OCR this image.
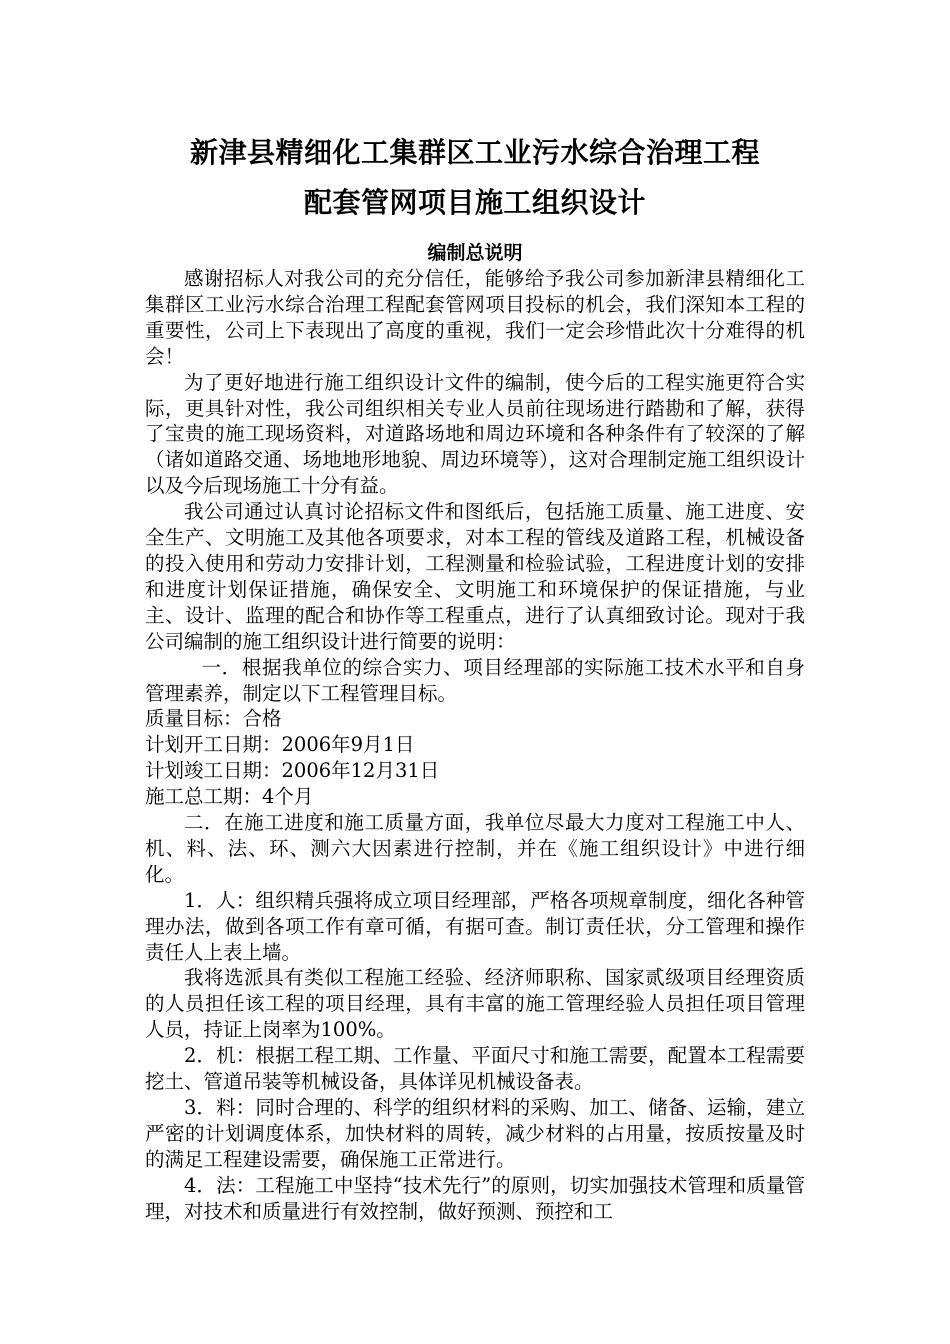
新津县精细化工集群区工业污水综合治理工程
配套管网项目施工组织设计
编制总说明

感谢招标人对我公司的充分信任，能够给予我公司参加新津县精细化工集群区工业污水综合治理工程配套管网项目投标的机会，我们深知本工程的重要性，公司上下表现出了高度的重视，我们一定会珍惜此次十分难得的机会！

为了更好地进行施工组织设计文件的编制，使今后的工程实施更符合实际，更具针对性，我公司组织相关专业人员前往现场进行踏勘和了解，获得了宝贵的施工现场资料，对道路场地和周边环境和各种条件有了较深的了解（诸如道路交通、场地地形地貌、周边环境等），这对合理制定施工组织设计以及今后现场施工十分有益。

我公司通过认真讨论招标文件和图纸后，包括施工质量、施工进度、安全生产、文明施工及其他各项要求，对本工程的管线及道路工程，机械设备的投入使用和劳动力安排计划，工程测量和检验试验，工程进度计划的安排和进度计划保证措施，确保安全、文明施工和环境保护的保证措施，与业主、设计、监理的配合和协作等工程重点，进行了认真细致讨论。现对于我公司编制的施工组织设计进行简要的说明：

一．根据我单位的综合实力、项目经理部的实际施工技术水平和自身管理素养，制定以下工程管理目标。

质量目标：合格

计划开工日期：2006年9月1日

计划竣工日期：2006年12月31日

施工总工期：4个月

二．在施工进度和施工质量方面，我单位尽最大力度对工程施工中人、机、料、法、环、测六大因素进行控制，并在《施工组织设计》中进行细化。

1．人：组织精兵强将成立项目经理部，严格各项规章制度，细化各种管理办法，做到各项工作有章可循，有据可查。制订责任状，分工管理和操作责任人上表上墙。

我将选派具有类似工程施工经验、经济师职称、国家贰级项目经理资质的人员担任该工程的项目经理，具有丰富的施工管理经验人员担任项目管理人员，持证上岗率为100%。

2．机：根据工程工期、工作量、平面尺寸和施工需要，配置本工程需要挖土、管道吊装等机械设备，具体详见机械设备表。

3．料：同时合理的、科学的组织材料的采购、加工、储备、运输，建立严密的计划调度体系，加快材料的周转，减少材料的占用量，按质按量及时的满足工程建设需要，确保施工正常进行。

4．法：工程施工中坚持“技术先行”的原则，切实加强技术管理和质量管理，对技术和质量进行有效控制，做好预测、预控和工
